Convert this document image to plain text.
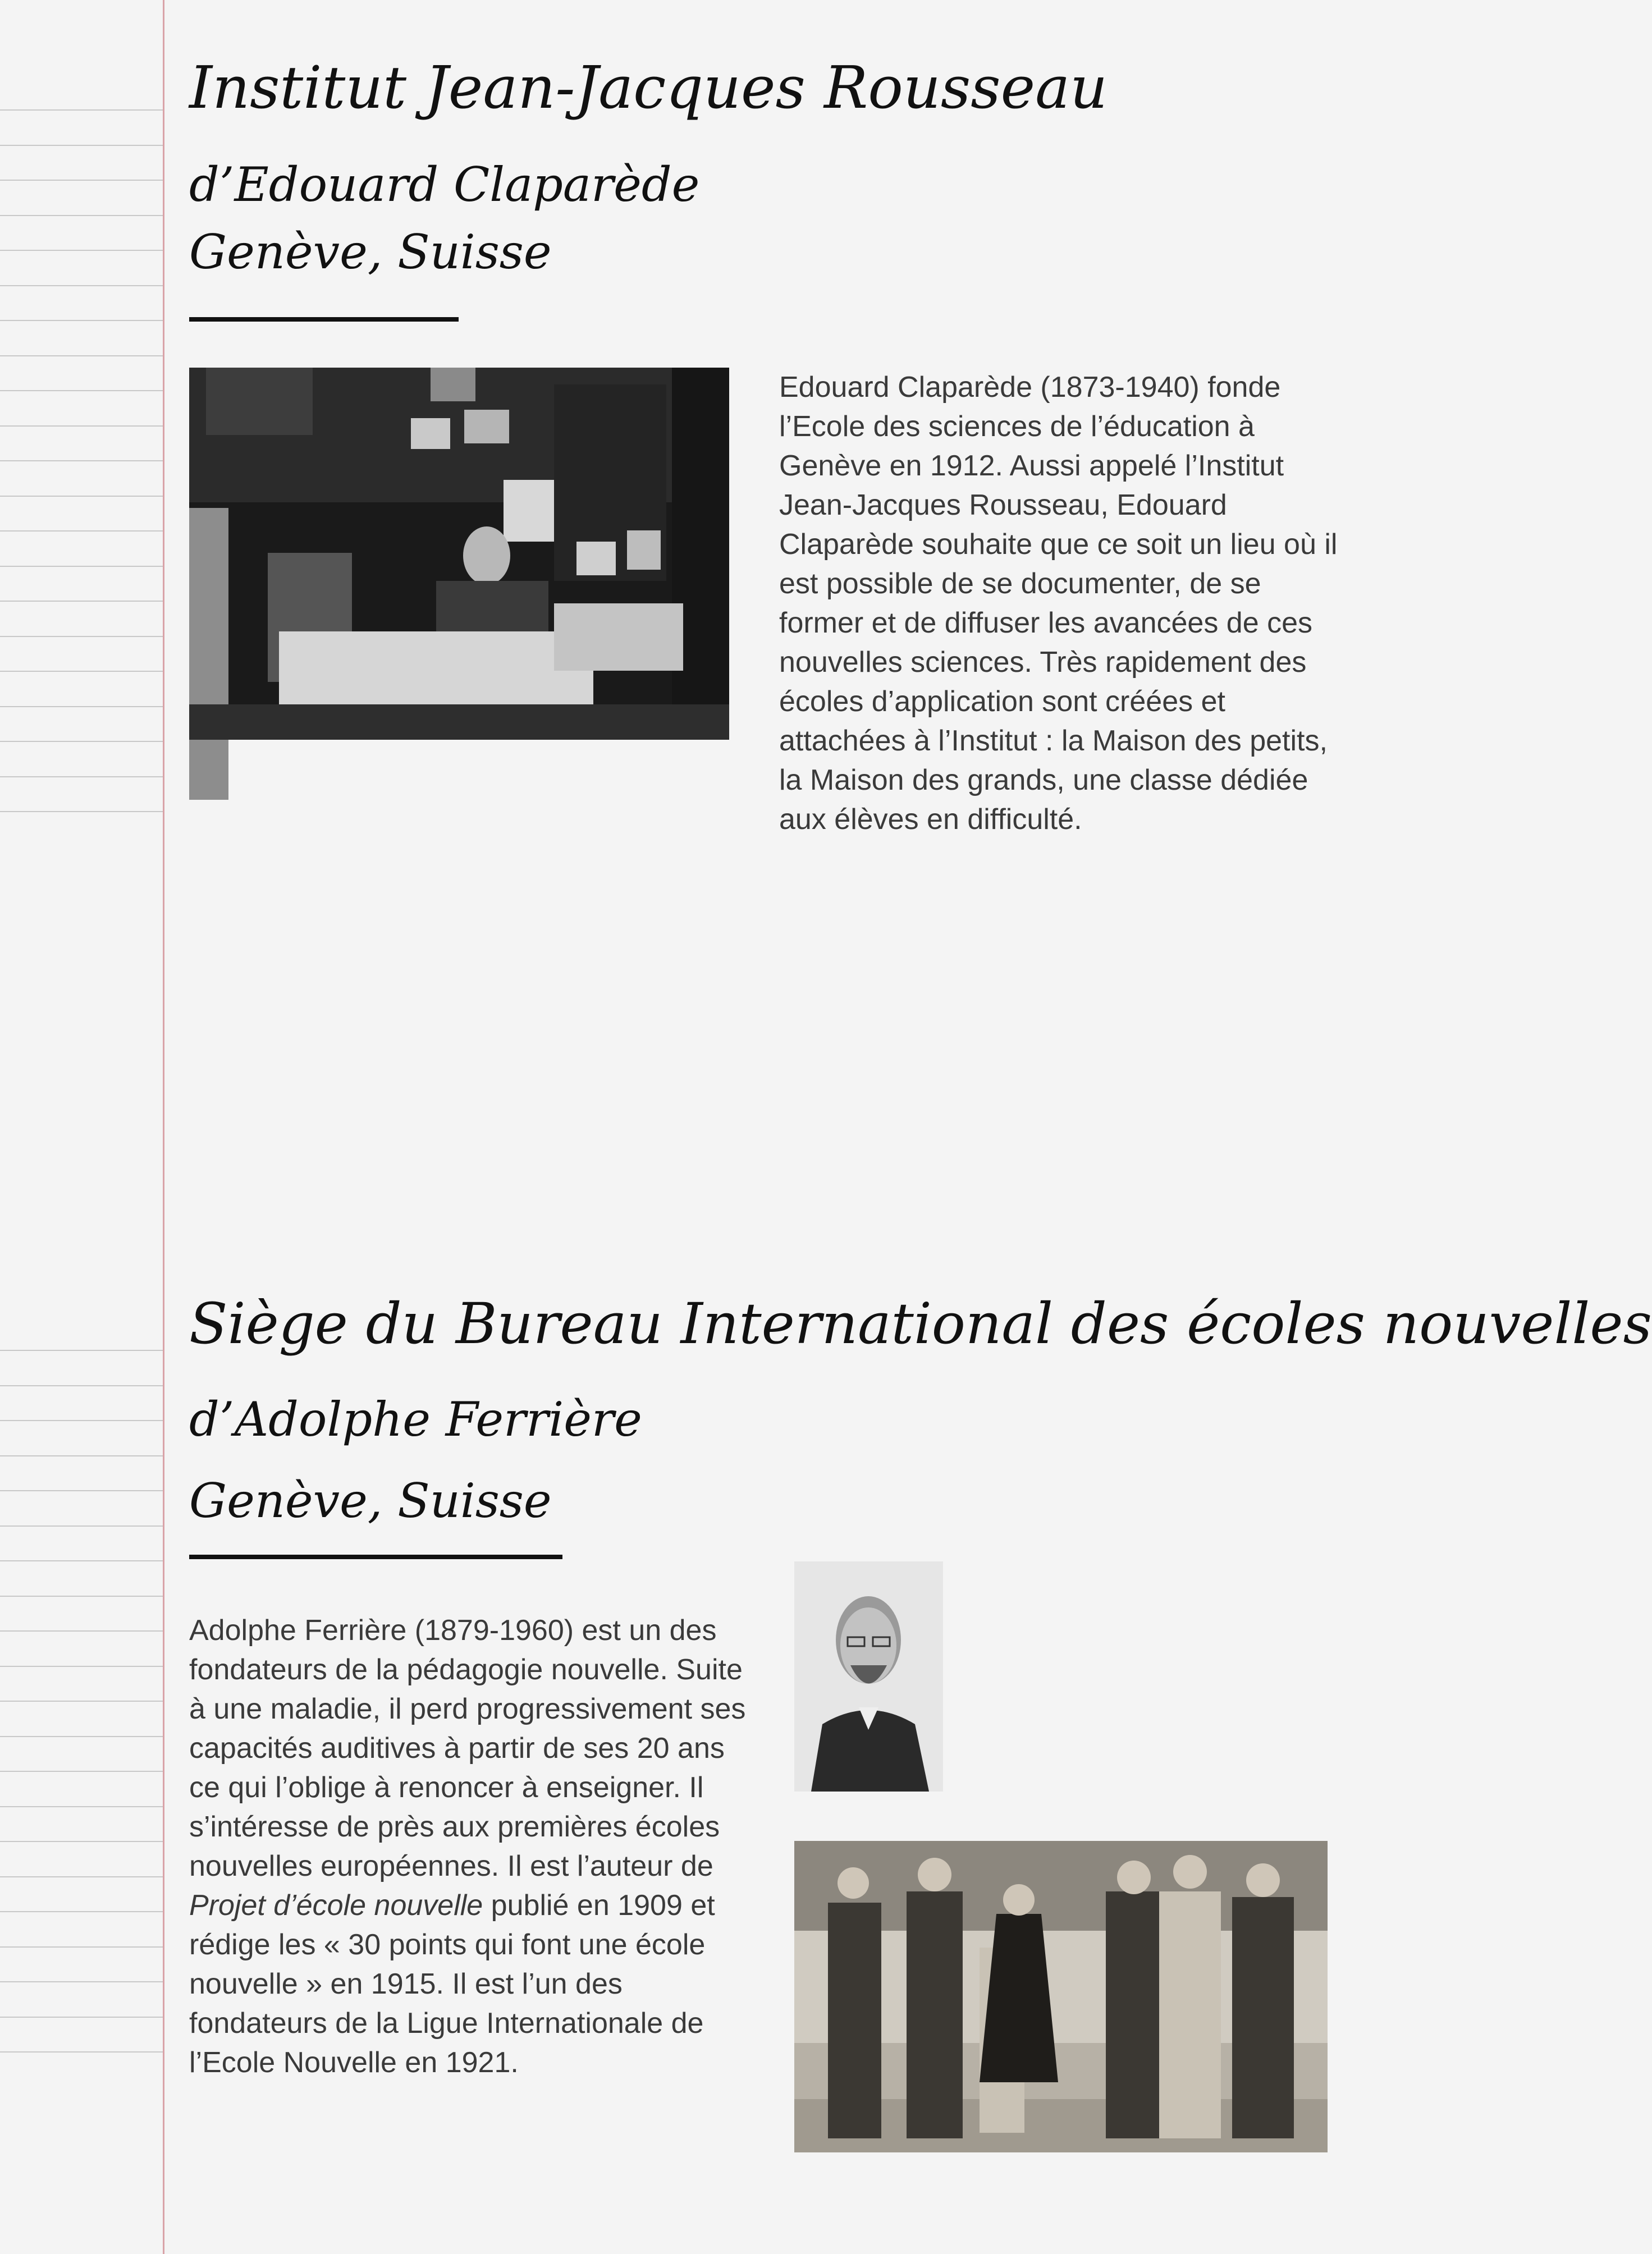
Institut Jean-Jacques Rousseau
d’Edouard Claparède
Genève, Suisse

Edouard Claparède (1873-1940) fonde l’Ecole des sciences de l’éducation à Genève en 1912. Aussi appelé l’Institut Jean-Jacques Rousseau, Edouard Claparède souhaite que ce soit un lieu où il est possible de se documenter, de se former et de diffuser les avancées de ces nouvelles sciences. Très rapidement des écoles d’application sont créées et attachées à l’Institut : la Maison des petits, la Maison des grands, une classe dédiée aux élèves en difficulté.

Siège du Bureau International des écoles nouvelles
d’Adolphe Ferrière
Genève, Suisse

Adolphe Ferrière (1879-1960) est un des fondateurs de la pédagogie nouvelle. Suite à une maladie, il perd progressivement ses capacités auditives à partir de ses 20 ans ce qui l’oblige à renoncer à enseigner. Il s’intéresse de près aux premières écoles nouvelles européennes. Il est l’auteur de Projet d’école nouvelle publié en 1909 et rédige les « 30 points qui font une école nouvelle » en 1915. Il est l’un des fondateurs de la Ligue Internationale de l’Ecole Nouvelle en 1921.
